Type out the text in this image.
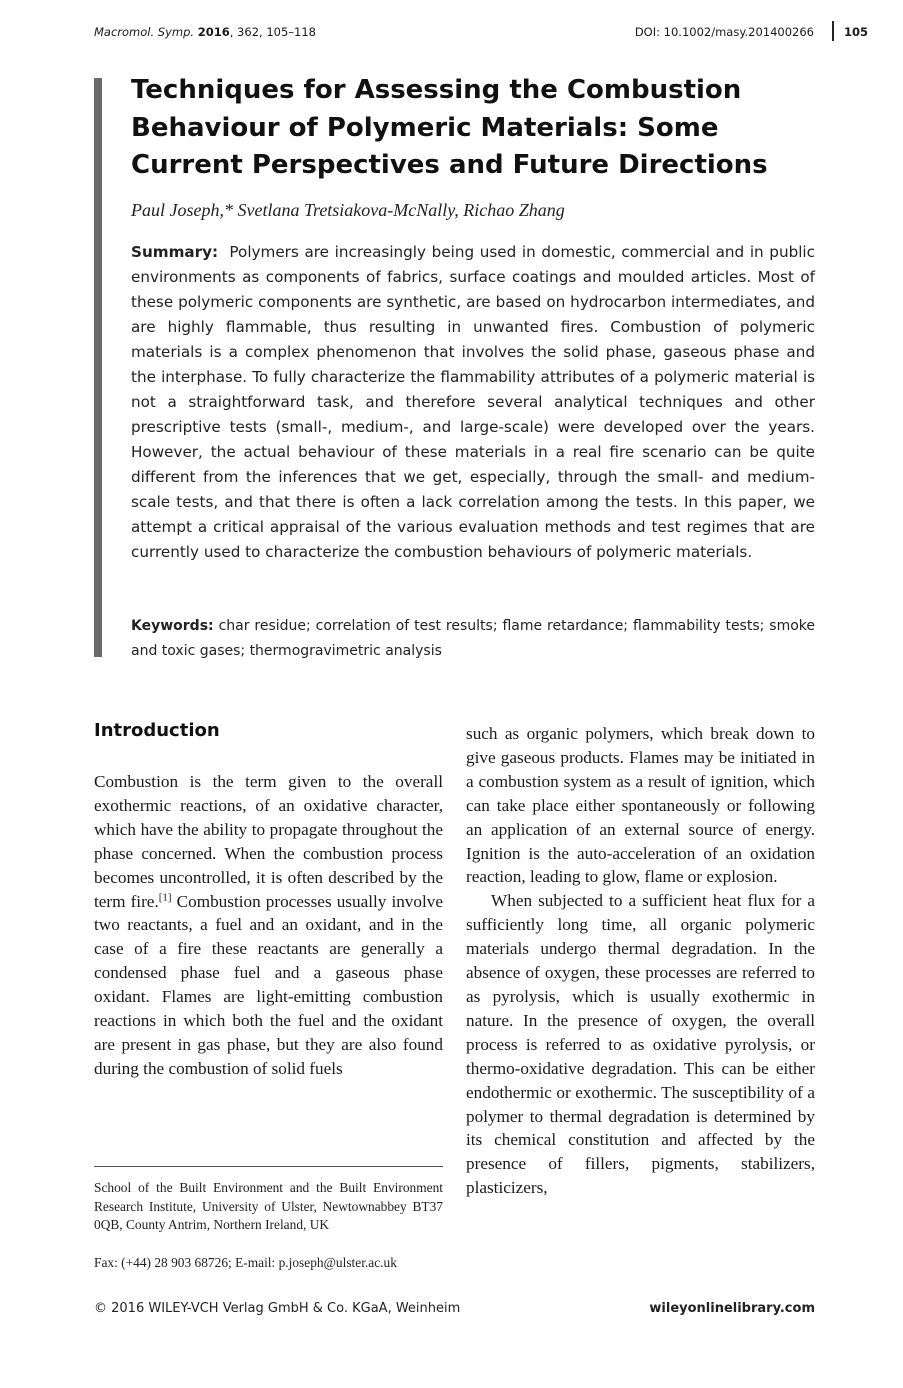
Macromol. Symp. 2016, 362, 105–118	DOI: 10.1002/masy.201400266	105
Techniques for Assessing the Combustion Behaviour of Polymeric Materials: Some Current Perspectives and Future Directions
Paul Joseph,* Svetlana Tretsiakova-McNally, Richao Zhang

Summary: Polymers are increasingly being used in domestic, commercial and in public environments as components of fabrics, surface coatings and moulded articles. Most of these polymeric components are synthetic, are based on hydrocarbon intermediates, and are highly flammable, thus resulting in unwanted fires. Combustion of polymeric materials is a complex phenomenon that involves the solid phase, gaseous phase and the interphase. To fully characterize the flammability attributes of a polymeric material is not a straightforward task, and therefore several analytical techniques and other prescriptive tests (small-, medium-, and large-scale) were developed over the years. However, the actual behaviour of these materials in a real fire scenario can be quite different from the inferences that we get, especially, through the small- and medium-scale tests, and that there is often a lack correlation among the tests. In this paper, we attempt a critical appraisal of the various evaluation methods and test regimes that are currently used to characterize the combustion behaviours of polymeric materials.

Keywords: char residue; correlation of test results; flame retardance; flammability tests; smoke and toxic gases; thermogravimetric analysis

Introduction

Combustion is the term given to the overall exothermic reactions, of an oxidative character, which have the ability to propagate throughout the phase concerned. When the combustion process becomes uncontrolled, it is often described by the term fire.[1] Combustion processes usually involve two reactants, a fuel and an oxidant, and in the case of a fire these reactants are generally a condensed phase fuel and a gaseous phase oxidant. Flames are light-emitting combustion reactions in which both the fuel and the oxidant are present in gas phase, but they are also found during the combustion of solid fuels

such as organic polymers, which break down to give gaseous products. Flames may be initiated in a combustion system as a result of ignition, which can take place either spontaneously or following an application of an external source of energy. Ignition is the auto-acceleration of an oxidation reaction, leading to glow, flame or explosion.

When subjected to a sufficient heat flux for a sufficiently long time, all organic polymeric materials undergo thermal degradation. In the absence of oxygen, these processes are referred to as pyrolysis, which is usually exothermic in nature. In the presence of oxygen, the overall process is referred to as oxidative pyrolysis, or thermo-oxidative degradation. This can be either endothermic or exothermic. The susceptibility of a polymer to thermal degradation is determined by its chemical constitution and affected by the presence of fillers, pigments, stabilizers, plasticizers,

School of the Built Environment and the Built Environment Research Institute, University of Ulster, Newtownabbey BT37 0QB, County Antrim, Northern Ireland, UK

Fax: (+44) 28 903 68726; E-mail: p.joseph@ulster.ac.uk

© 2016 WILEY-VCH Verlag GmbH & Co. KGaA, Weinheim	wileyonlinelibrary.com
